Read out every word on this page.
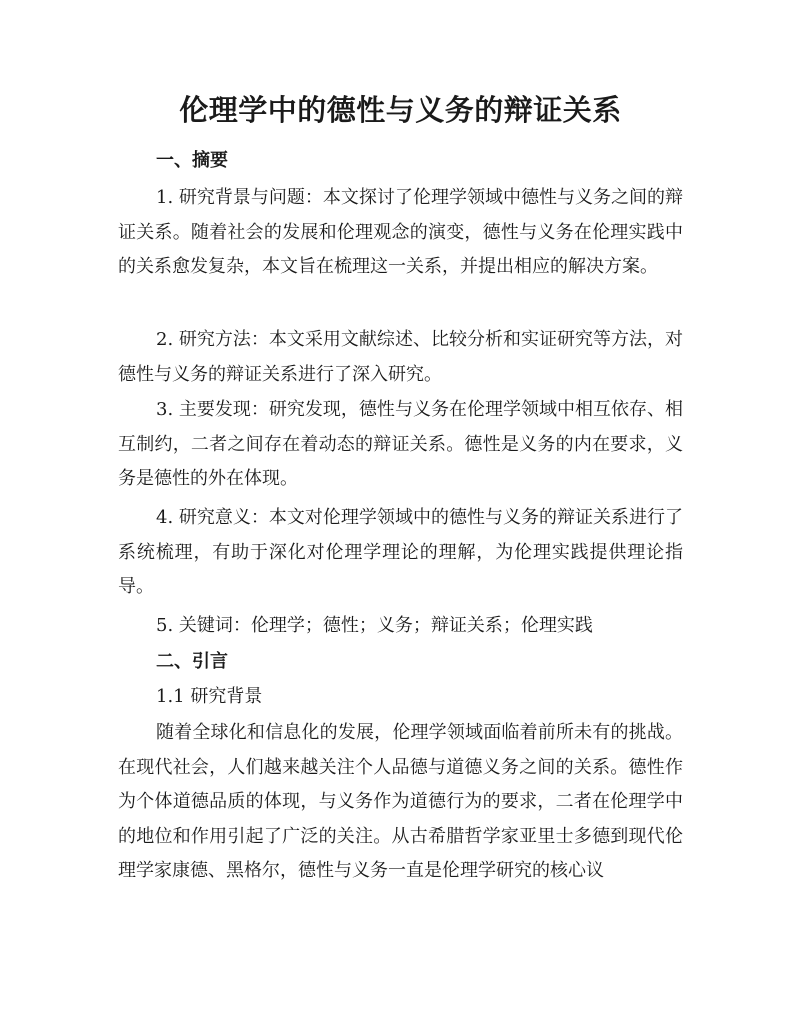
伦理学中的德性与义务的辩证关系
一、摘要

1. 研究背景与问题：本文探讨了伦理学领域中德性与义务之间的辩证关系。随着社会的发展和伦理观念的演变，德性与义务在伦理实践中的关系愈发复杂，本文旨在梳理这一关系，并提出相应的解决方案。

2. 研究方法：本文采用文献综述、比较分析和实证研究等方法，对德性与义务的辩证关系进行了深入研究。

3. 主要发现：研究发现，德性与义务在伦理学领域中相互依存、相互制约，二者之间存在着动态的辩证关系。德性是义务的内在要求，义务是德性的外在体现。

4. 研究意义：本文对伦理学领域中的德性与义务的辩证关系进行了系统梳理，有助于深化对伦理学理论的理解，为伦理实践提供理论指导。

5. 关键词：伦理学；德性；义务；辩证关系；伦理实践

二、引言

1.1 研究背景

随着全球化和信息化的发展，伦理学领域面临着前所未有的挑战。在现代社会，人们越来越关注个人品德与道德义务之间的关系。德性作为个体道德品质的体现，与义务作为道德行为的要求，二者在伦理学中的地位和作用引起了广泛的关注。从古希腊哲学家亚里士多德到现代伦理学家康德、黑格尔，德性与义务一直是伦理学研究的核心议
